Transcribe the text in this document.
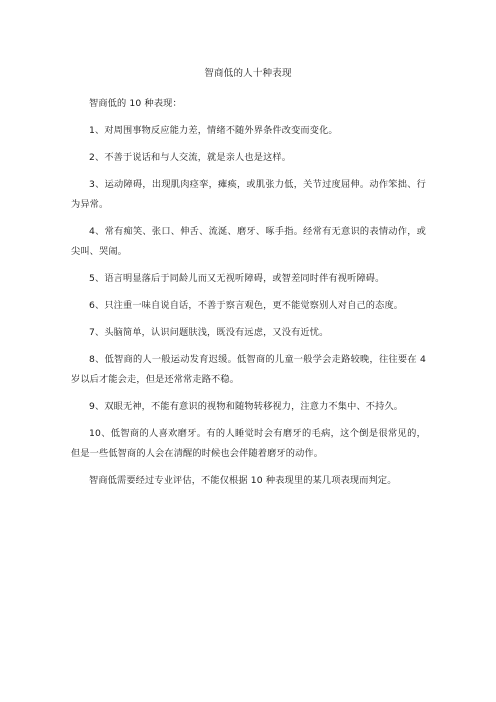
智商低的人十种表现

智商低的 10 种表现：

1、对周围事物反应能力差，情绪不随外界条件改变而变化。

2、不善于说话和与人交流，就是亲人也是这样。

3、运动障碍，出现肌肉痉挛，瘫痪，或肌张力低，关节过度屈伸。动作笨拙、行为异常。

4、常有痴笑、张口、伸舌、流涎、磨牙、啄手指。经常有无意识的表情动作，或尖叫、哭闹。

5、语言明显落后于同龄儿而又无视听障碍，或智差同时伴有视听障碍。

6、只注重一味自说自话，不善于察言观色，更不能觉察别人对自己的态度。

7、头脑简单，认识问题肤浅，既没有远虑，又没有近忧。

8、低智商的人一般运动发育迟缓。低智商的儿童一般学会走路较晚，往往要在 4 岁以后才能会走，但是还常常走路不稳。

9、双眼无神，不能有意识的视物和随物转移视力，注意力不集中、不持久。

10、低智商的人喜欢磨牙。有的人睡觉时会有磨牙的毛病，这个倒是很常见的，但是一些低智商的人会在清醒的时候也会伴随着磨牙的动作。

智商低需要经过专业评估，不能仅根据 10 种表现里的某几项表现而判定。
